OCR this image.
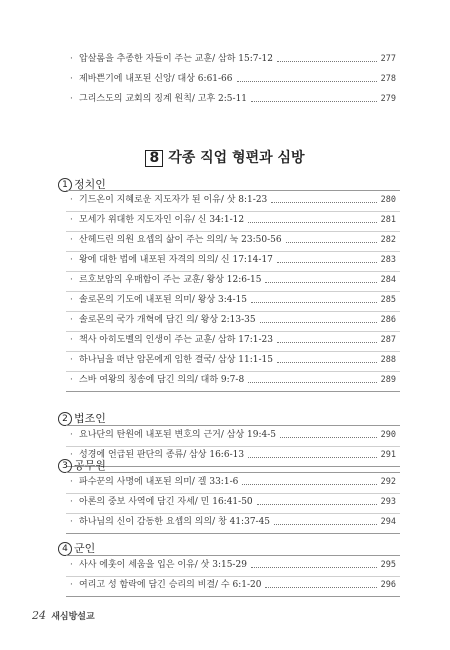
· 압살롬을 추종한 자들이 주는 교훈/ 삼하 15:7-12	277
· 제바쁜기에 내포된 신앙/ 대상 6:61-66	278
· 그리스도의 교회의 징계 원칙/ 고후 2:5-11	279
8 각종 직업 형편과 심방
1 정치인
· 기드온이 지혜로운 지도자가 된 이유/ 삿 8:1-23	280
· 모세가 위대한 지도자인 이유/ 신 34:1-12	281
· 산헤드린 의원 요셉의 삶이 주는 의의/ 눅 23:50-56	282
· 왕에 대한 법에 내포된 자격의 의의/ 신 17:14-17	283
· 르호보암의 우매함이 주는 교훈/ 왕상 12:6-15	284
· 솔로몬의 기도에 내포된 의미/ 왕상 3:4-15	285
· 솔로몬의 국가 개혁에 담긴 의/ 왕상 2:13-35	286
· 책사 아히도벨의 인생이 주는 교훈/ 삼하 17:1-23	287
· 하나님을 떠난 암몬에게 임한 결국/ 삼상 11:1-15	288
· 스바 여왕의 칭송에 담긴 의의/ 대하 9:7-8	289
2 법조인
· 요나단의 탄원에 내포된 변호의 근거/ 삼상 19:4-5	290
· 성경에 언급된 판단의 종류/ 삼상 16:6-13	291
3 공무원
· 파수꾼의 사명에 내포된 의미/ 겔 33:1-6	292
· 아론의 중보 사역에 담긴 자세/ 민 16:41-50	293
· 하나님의 신이 감동한 요셉의 의의/ 창 41:37-45	294
4 군인
· 사사 에훗이 세움을 입은 이유/ 삿 3:15-29	295
· 여리고 성 함락에 담긴 승리의 비결/ 수 6:1-20	296
24 새심방설교
